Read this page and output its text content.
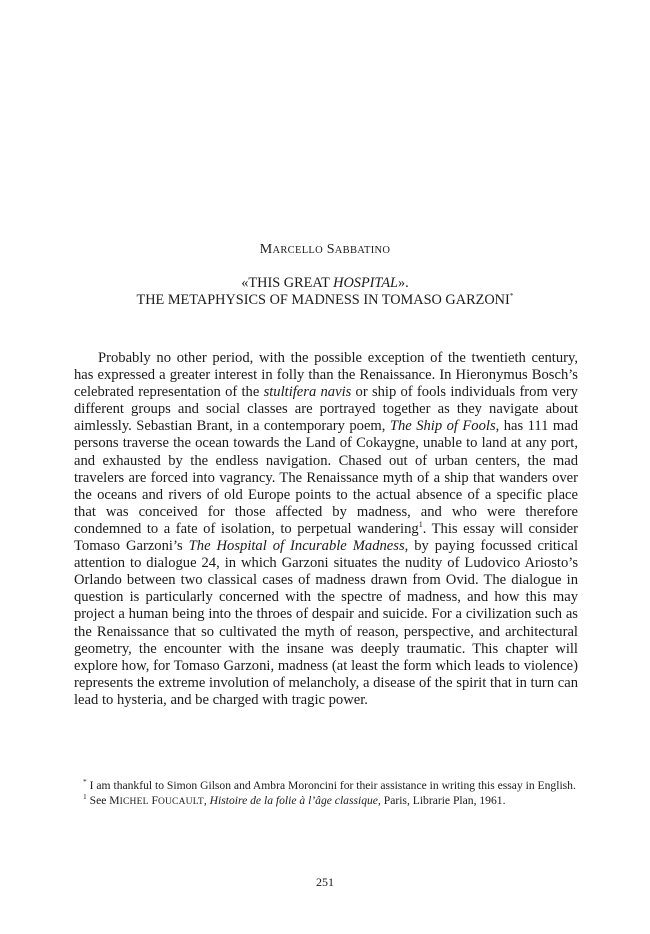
MARCELLO SABBATINO
«THIS GREAT HOSPITAL».
THE METAPHYSICS OF MADNESS IN TOMASO GARZONI*

Probably no other period, with the possible exception of the twentieth century, has expressed a greater interest in folly than the Renaissance. In Hieronymus Bosch’s celebrated representation of the stultifera navis or ship of fools individuals from very different groups and social classes are portrayed together as they navigate about aimlessly. Sebastian Brant, in a contemporary poem, The Ship of Fools, has 111 mad persons traverse the ocean towards the Land of Cokaygne, unable to land at any port, and exhausted by the endless navigation. Chased out of urban centers, the mad travelers are forced into vagrancy. The Renaissance myth of a ship that wanders over the oceans and rivers of old Europe points to the actual absence of a specific place that was conceived for those affected by madness, and who were therefore condemned to a fate of isolation, to perpetual wandering$^1$. This essay will consider Tomaso Garzoni’s The Hospital of Incurable Madness, by paying focussed critical attention to dialogue 24, in which Garzoni situates the nudity of Ludovico Ariosto’s Orlando between two classical cases of madness drawn from Ovid. The dialogue in question is particularly concerned with the spectre of madness, and how this may project a human being into the throes of despair and suicide. For a civilization such as the Renaissance that so cultivated the myth of reason, perspective, and architectural geometry, the encounter with the insane was deeply traumatic. This chapter will explore how, for Tomaso Garzoni, madness (at least the form which leads to violence) represents the extreme involution of melancholy, a disease of the spirit that in turn can lead to hysteria, and be charged with tragic power.

* I am thankful to Simon Gilson and Ambra Moroncini for their assistance in writing this essay in English.

$^1$ See MICHEL FOUCAULT, Histoire de la folie à l’âge classique, Paris, Librarie Plan, 1961.

251
